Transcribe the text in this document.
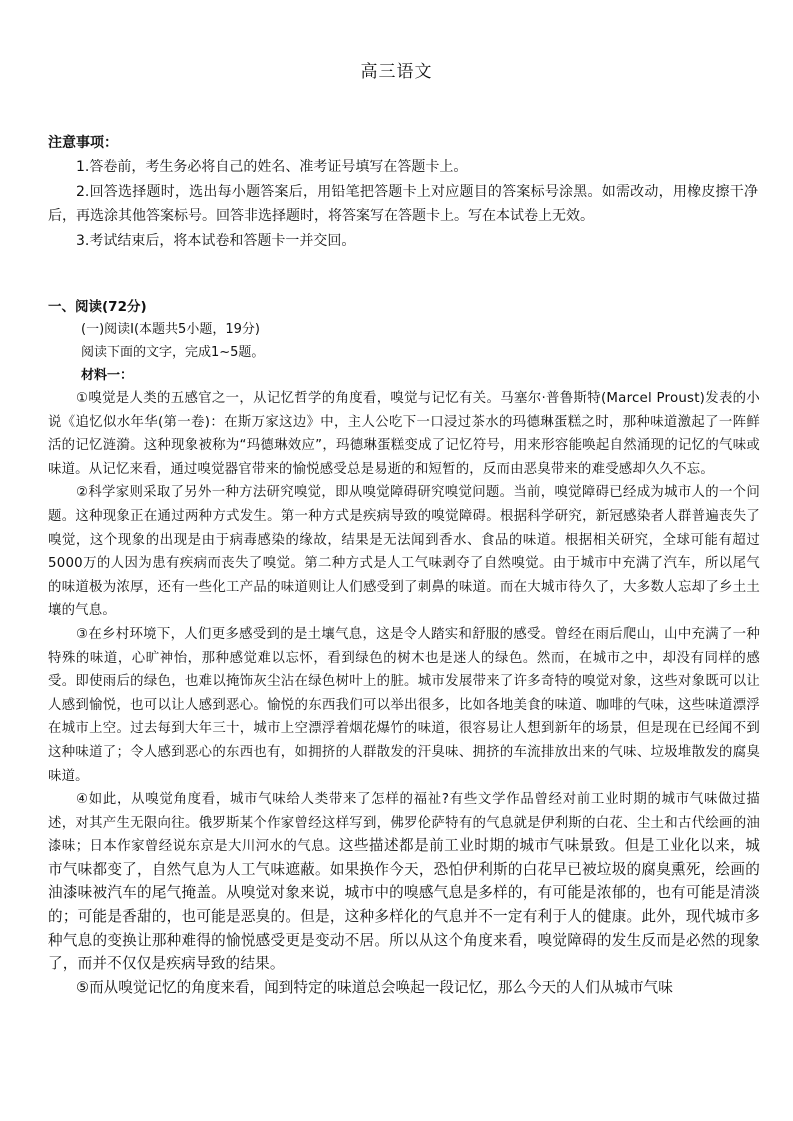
高三语文
注意事项：

1.答卷前，考生务必将自己的姓名、准考证号填写在答题卡上。

2.回答选择题时，选出每小题答案后，用铅笔把答题卡上对应题目的答案标号涂黑。如需改动，用橡皮擦干净后，再选涂其他答案标号。回答非选择题时，将答案写在答题卡上。写在本试卷上无效。

3.考试结束后，将本试卷和答题卡一并交回。

一、阅读(72分)
(一)阅读Ⅰ(本题共5小题，19分)
阅读下面的文字，完成1~5题。
材料一：

①嗅觉是人类的五感官之一，从记忆哲学的角度看，嗅觉与记忆有关。马塞尔·普鲁斯特(Marcel Proust)发表的小说《追忆似水年华(第一卷)：在斯万家这边》中，主人公吃下一口浸过茶水的玛德琳蛋糕之时，那种味道激起了一阵鲜活的记忆涟漪。这种现象被称为“玛德琳效应”，玛德琳蛋糕变成了记忆符号，用来形容能唤起自然涌现的记忆的气味或味道。从记忆来看，通过嗅觉器官带来的愉悦感受总是易逝的和短暂的，反而由恶臭带来的难受感却久久不忘。

②科学家则采取了另外一种方法研究嗅觉，即从嗅觉障碍研究嗅觉问题。当前，嗅觉障碍已经成为城市人的一个问题。这种现象正在通过两种方式发生。第一种方式是疾病导致的嗅觉障碍。根据科学研究，新冠感染者人群普遍丧失了嗅觉，这个现象的出现是由于病毒感染的缘故，结果是无法闻到香水、食品的味道。根据相关研究，全球可能有超过5000万的人因为患有疾病而丧失了嗅觉。第二种方式是人工气味剥夺了自然嗅觉。由于城市中充满了汽车，所以尾气的味道极为浓厚，还有一些化工产品的味道则让人们感受到了刺鼻的味道。而在大城市待久了，大多数人忘却了乡土土壤的气息。

③在乡村环境下，人们更多感受到的是土壤气息，这是令人踏实和舒服的感受。曾经在雨后爬山，山中充满了一种特殊的味道，心旷神怡，那种感觉难以忘怀，看到绿色的树木也是迷人的绿色。然而，在城市之中，却没有同样的感受。即使雨后的绿色，也难以掩饰灰尘沾在绿色树叶上的脏。城市发展带来了许多奇特的嗅觉对象，这些对象既可以让人感到愉悦，也可以让人感到恶心。愉悦的东西我们可以举出很多，比如各地美食的味道、咖啡的气味，这些味道漂浮在城市上空。过去每到大年三十，城市上空漂浮着烟花爆竹的味道，很容易让人想到新年的场景，但是现在已经闻不到这种味道了；令人感到恶心的东西也有，如拥挤的人群散发的汗臭味、拥挤的车流排放出来的气味、垃圾堆散发的腐臭味道。

④如此，从嗅觉角度看，城市气味给人类带来了怎样的福祉?有些文学作品曾经对前工业时期的城市气味做过描述，对其产生无限向往。俄罗斯某个作家曾经这样写到，佛罗伦萨特有的气息就是伊利斯的白花、尘土和古代绘画的油漆味；日本作家曾经说东京是大川河水的气息。这些描述都是前工业时期的城市气味景致。但是工业化以来，城市气味都变了，自然气息为人工气味遮蔽。如果换作今天，恐怕伊利斯的白花早已被垃圾的腐臭熏死，绘画的油漆味被汽车的尾气掩盖。从嗅觉对象来说，城市中的嗅感气息是多样的，有可能是浓郁的，也有可能是清淡的；可能是香甜的，也可能是恶臭的。但是，这种多样化的气息并不一定有利于人的健康。此外，现代城市多种气息的变换让那种难得的愉悦感受更是变动不居。所以从这个角度来看，嗅觉障碍的发生反而是必然的现象了，而并不仅仅是疾病导致的结果。

⑤而从嗅觉记忆的角度来看，闻到特定的味道总会唤起一段记忆，那么今天的人们从城市气味
